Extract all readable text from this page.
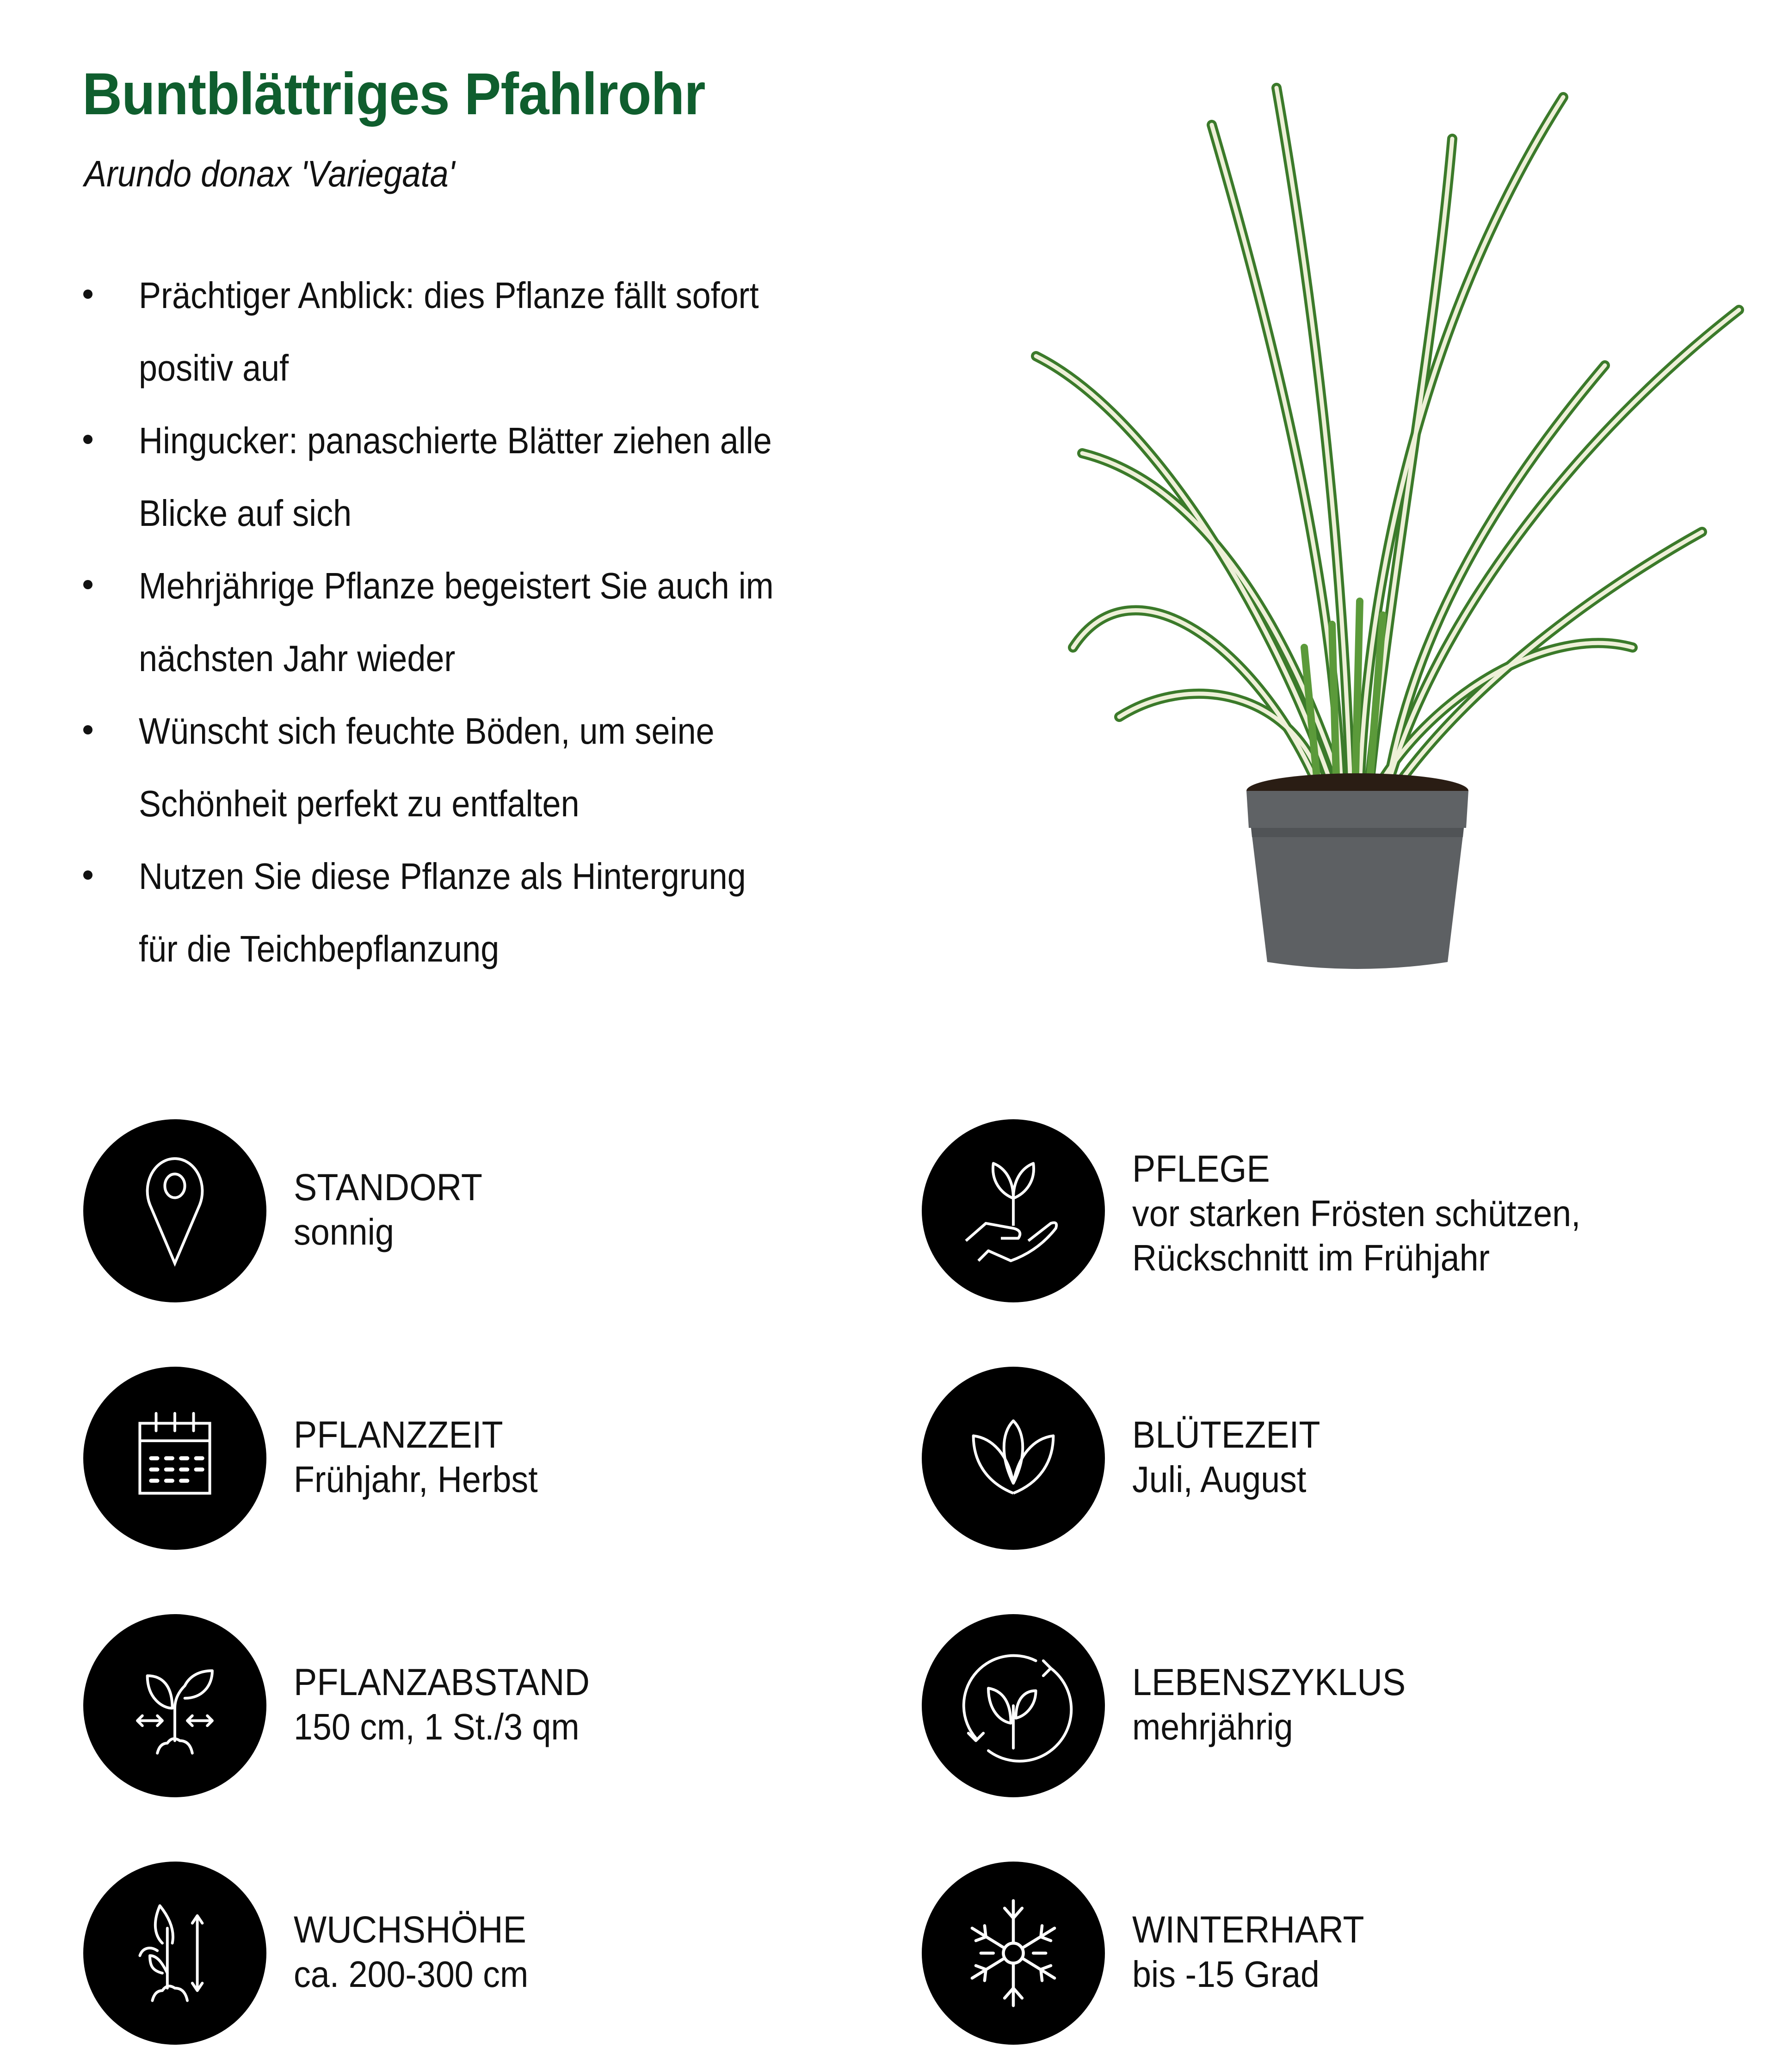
Buntblättriges Pfahlrohr

Arundo donax 'Variegata'

Prächtiger Anblick: dies Pflanze fällt sofort
positiv auf
Hingucker: panaschierte Blätter ziehen alle
Blicke auf sich
Mehrjährige Pflanze begeistert Sie auch im
nächsten Jahr wieder
Wünscht sich feuchte Böden, um seine
Schönheit perfekt zu entfalten
Nutzen Sie diese Pflanze als Hintergrung
für die Teichbepflanzung
STANDORT
sonnig
PFLEGE
vor starken Frösten schützen,
Rückschnitt im Frühjahr
PFLANZZEIT
Frühjahr, Herbst
BLÜTEZEIT
Juli, August
PFLANZABSTAND
150 cm, 1 St./3 qm
LEBENSZYKLUS
mehrjährig
WUCHSHÖHE
ca. 200-300 cm
WINTERHART
bis -15 Grad
